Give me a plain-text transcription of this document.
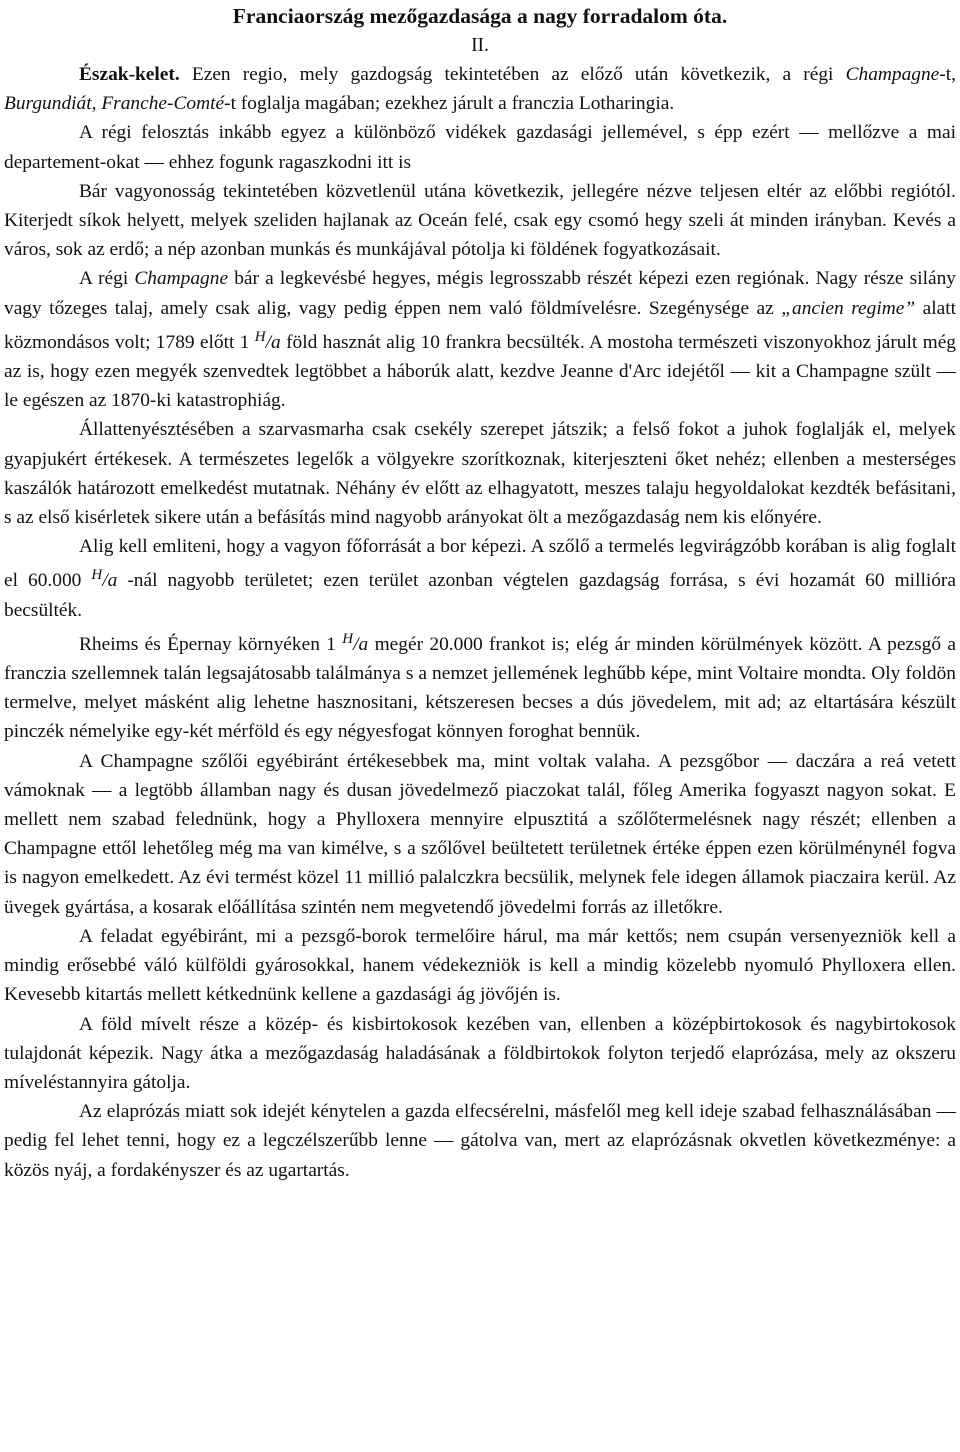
Franciaország mezőgazdasága a nagy forradalom óta.
II.

Észak-kelet. Ezen regio, mely gazdogság tekintetében az előző után következik, a régi Champagne-t, Burgundiát, Franche-Comté-t foglalja magában; ezekhez járult a franczia Lotharingia.

A régi felosztás inkább egyez a különböző vidékek gazdasági jellemével, s épp ezért — mellőzve a mai departement-okat — ehhez fogunk ragaszkodni itt is

Bár vagyonosság tekintetében közvetlenül utána következik, jellegére nézve teljesen eltér az előbbi regiótól. Kiterjedt síkok helyett, melyek szeliden hajlanak az Oceán felé, csak egy csomó hegy szeli át minden irányban. Kevés a város, sok az erdő; a nép azonban munkás és munkájával pótolja ki földének fogyatkozásait.

A régi Champagne bár a legkevésbé hegyes, mégis legrosszabb részét képezi ezen regiónak. Nagy része silány vagy tőzeges talaj, amely csak alig, vagy pedig éppen nem való földmívelésre. Szegénysége az „ancien regime” alatt közmondásos volt; 1789 előtt 1 $^H$/a föld hasznát alig 10 frankra becsülték. A mostoha természeti viszonyokhoz járult még az is, hogy ezen megyék szenvedtek legtöbbet a háborúk alatt, kezdve Jeanne d'Arc idejétől — kit a Champagne szült — le egészen az 1870-ki katastrophiág.

Állattenyésztésében a szarvasmarha csak csekély szerepet játszik; a felső fokot a juhok foglalják el, melyek gyapjukért értékesek. A természetes legelők a völgyekre szorítkoznak, kiterjeszteni őket nehéz; ellenben a mesterséges kaszálók határozott emelkedést mutatnak. Néhány év előtt az elhagyatott, meszes talaju hegyoldalokat kezdték befásitani, s az első kisérletek sikere után a befásítás mind nagyobb arányokat ölt a mezőgazdaság nem kis előnyére.

Alig kell emliteni, hogy a vagyon főforrását a bor képezi. A szőlő a termelés legvirágzóbb korában is alig foglalt el 60.000 $^H$/a -nál nagyobb területet; ezen terület azonban végtelen gazdagság forrása, s évi hozamát 60 millióra becsülték.

Rheims és Épernay környéken 1 $^H$/a megér 20.000 frankot is; elég ár minden körülmények között. A pezsgő a franczia szellemnek talán legsajátosabb találmánya s a nemzet jellemének leghűbb képe, mint Voltaire mondta. Oly foldön termelve, melyet másként alig lehetne hasznositani, kétszeresen becses a dús jövedelem, mit ad; az eltartására készült pinczék némelyike egy-két mérföld és egy négyesfogat könnyen foroghat bennük.

A Champagne szőlői egyébiránt értékesebbek ma, mint voltak valaha. A pezsgőbor — daczára a reá vetett vámoknak — a legtöbb államban nagy és dusan jövedelmező piaczokat talál, főleg Amerika fogyaszt nagyon sokat. E mellett nem szabad felednünk, hogy a Phylloxera mennyire elpusztitá a szőlőtermelésnek nagy részét; ellenben a Champagne ettől lehetőleg még ma van kimélve, s a szőlővel beültetett területnek értéke éppen ezen körülménynél fogva is nagyon emelkedett. Az évi termést közel 11 millió palalczkra becsülik, melynek fele idegen államok piaczaira kerül. Az üvegek gyártása, a kosarak előállítása szintén nem megvetendő jövedelmi forrás az illetőkre.

A feladat egyébiránt, mi a pezsgő-borok termelőire hárul, ma már kettős; nem csupán versenyezniök kell a mindig erősebbé váló külföldi gyárosokkal, hanem védekezniök is kell a mindig közelebb nyomuló Phylloxera ellen. Kevesebb kitartás mellett kétkednünk kellene a gazdasági ág jövőjén is.

A föld mívelt része a közép- és kisbirtokosok kezében van, ellenben a középbirtokosok és nagybirtokosok tulajdonát képezik. Nagy átka a mezőgazdaság haladásának a földbirtokok folyton terjedő elaprózása, mely az okszeru míveléstannyira gátolja.

Az elaprózás miatt sok idejét kénytelen a gazda elfecsérelni, másfelől meg kell ideje szabad felhasználásában — pedig fel lehet tenni, hogy ez a legczélszerűbb lenne — gátolva van, mert az elaprózásnak okvetlen következménye: a közös nyáj, a fordakényszer és az ugartartás.
